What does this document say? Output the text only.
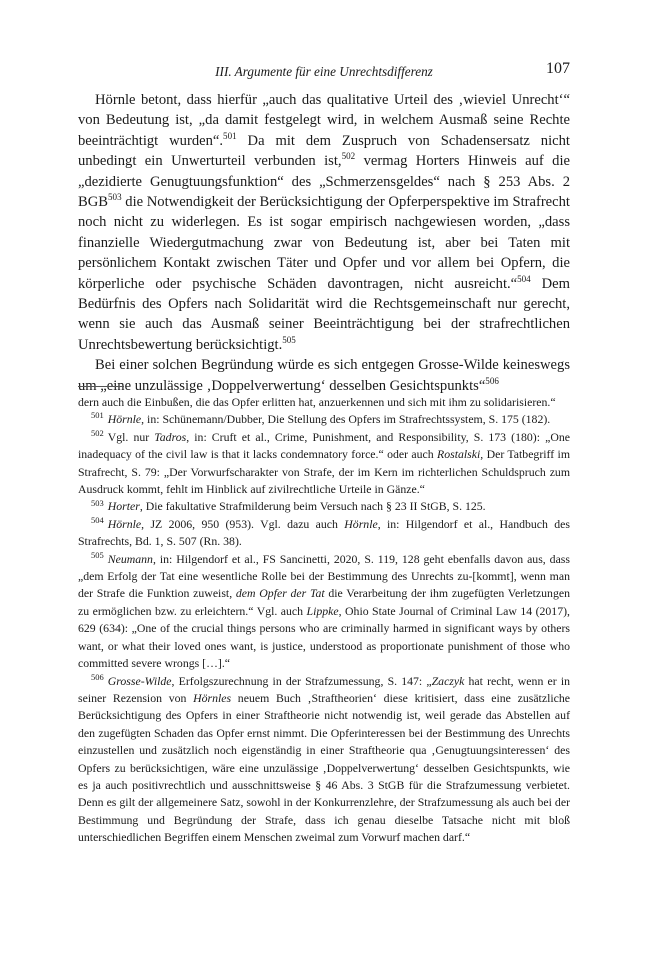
III. Argumente für eine Unrechtsdifferenz	107

Hörnle betont, dass hierfür „auch das qualitative Urteil des ‚wieviel Unrecht‘“ von Bedeutung ist, „da damit festgelegt wird, in welchem Ausmaß seine Rechte beeinträchtigt wurden“.$^{501}$ Da mit dem Zuspruch von Schadensersatz nicht unbedingt ein Unwerturteil verbunden ist,$^{502}$ vermag Horters Hinweis auf die „dezidierte Genugtuungsfunktion“ des „Schmerzensgeldes“ nach § 253 Abs. 2 BGB$^{503}$ die Notwendigkeit der Berücksichtigung der Opferperspektive im Strafrecht noch nicht zu widerlegen. Es ist sogar empirisch nachgewiesen worden, „dass finanzielle Wiedergutmachung zwar von Bedeutung ist, aber bei Taten mit persönlichem Kontakt zwischen Täter und Opfer und vor allem bei Opfern, die körperliche oder psychische Schäden davontragen, nicht ausreicht.“$^{504}$ Dem Bedürfnis des Opfers nach Solidarität wird die Rechtsgemeinschaft nur gerecht, wenn sie auch das Ausmaß seiner Beeinträchtigung bei der strafrechtlichen Unrechtsbewertung berücksichtigt.$^{505}$

Bei einer solchen Begründung würde es sich entgegen Grosse-Wilde keineswegs um „eine unzulässige ‚Doppelverwertung‘ desselben Gesichtspunkts“$^{506}$

dern auch die Einbußen, die das Opfer erlitten hat, anzuerkennen und sich mit ihm zu solidarisieren.“

$^{501}$ Hörnle, in: Schünemann/Dubber, Die Stellung des Opfers im Strafrechtssystem, S. 175 (182).

$^{502}$ Vgl. nur Tadros, in: Cruft et al., Crime, Punishment, and Responsibility, S. 173 (180): „One inadequacy of the civil law is that it lacks condemnatory force.“ oder auch Rostalski, Der Tatbegriff im Strafrecht, S. 79: „Der Vorwurfscharakter von Strafe, der im Kern im richterlichen Schuldspruch zum Ausdruck kommt, fehlt im Hinblick auf zivilrechtliche Urteile in Gänze.“

$^{503}$ Horter, Die fakultative Strafmilderung beim Versuch nach § 23 II StGB, S. 125.

$^{504}$ Hörnle, JZ 2006, 950 (953). Vgl. dazu auch Hörnle, in: Hilgendorf et al., Handbuch des Strafrechts, Bd. 1, S. 507 (Rn. 38).

$^{505}$ Neumann, in: Hilgendorf et al., FS Sancinetti, 2020, S. 119, 128 geht ebenfalls davon aus, dass „dem Erfolg der Tat eine wesentliche Rolle bei der Bestimmung des Unrechts zu-[kommt], wenn man der Strafe die Funktion zuweist, dem Opfer der Tat die Verarbeitung der ihm zugefügten Verletzungen zu ermöglichen bzw. zu erleichtern.“ Vgl. auch Lippke, Ohio State Journal of Criminal Law 14 (2017), 629 (634): „One of the crucial things persons who are criminally harmed in significant ways by others want, or what their loved ones want, is justice, understood as proportionate punishment of those who committed severe wrongs […].“

$^{506}$ Grosse-Wilde, Erfolgszurechnung in der Strafzumessung, S. 147: „Zaczyk hat recht, wenn er in seiner Rezension von Hörnles neuem Buch ‚Straftheorien‘ diese kritisiert, dass eine zusätzliche Berücksichtigung des Opfers in einer Straftheorie nicht notwendig ist, weil gerade das Abstellen auf den zugefügten Schaden das Opfer ernst nimmt. Die Opferinteressen bei der Bestimmung des Unrechts einzustellen und zusätzlich noch eigenständig in einer Straftheorie qua ‚Genugtuungsinteressen‘ des Opfers zu berücksichtigen, wäre eine unzulässige ‚Doppelverwertung‘ desselben Gesichtspunkts, wie es ja auch positivrechtlich und ausschnittsweise § 46 Abs. 3 StGB für die Strafzumessung verbietet. Denn es gilt der allgemeinere Satz, sowohl in der Konkurrenzlehre, der Strafzumessung als auch bei der Bestimmung und Begründung der Strafe, dass ich genau dieselbe Tatsache nicht mit bloß unterschiedlichen Begriffen einem Menschen zweimal zum Vorwurf machen darf.“
